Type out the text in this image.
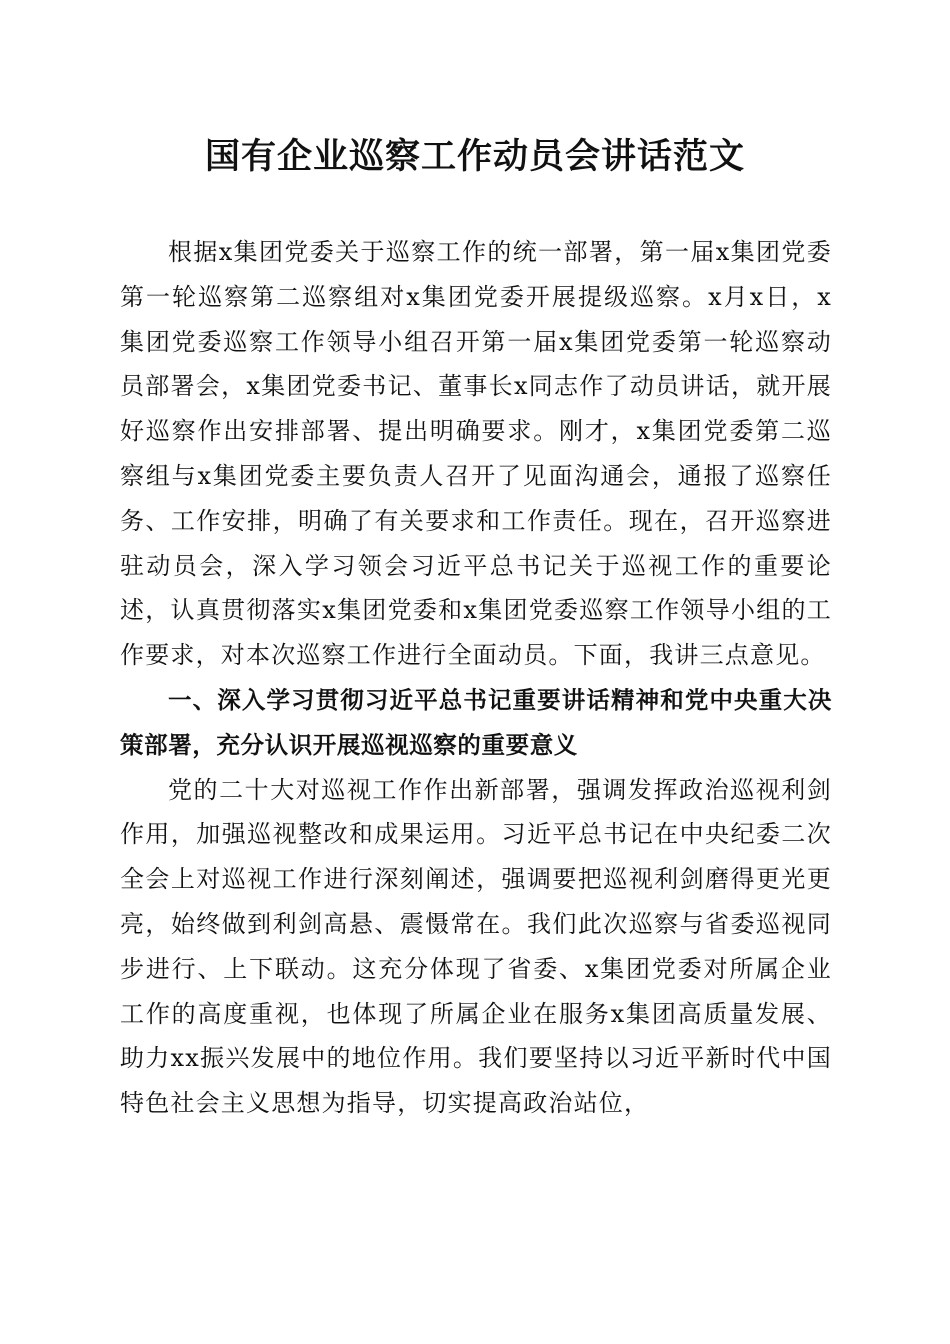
国有企业巡察工作动员会讲话范文

根据x集团党委关于巡察工作的统一部署，第一届x集团党委第一轮巡察第二巡察组对x集团党委开展提级巡察。x月x日，x集团党委巡察工作领导小组召开第一届x集团党委第一轮巡察动员部署会，x集团党委书记、董事长x同志作了动员讲话，就开展好巡察作出安排部署、提出明确要求。刚才，x集团党委第二巡察组与x集团党委主要负责人召开了见面沟通会，通报了巡察任务、工作安排，明确了有关要求和工作责任。现在，召开巡察进驻动员会，深入学习领会习近平总书记关于巡视工作的重要论述，认真贯彻落实x集团党委和x集团党委巡察工作领导小组的工作要求，对本次巡察工作进行全面动员。下面，我讲三点意见。

一、深入学习贯彻习近平总书记重要讲话精神和党中央重大决策部署，充分认识开展巡视巡察的重要意义

党的二十大对巡视工作作出新部署，强调发挥政治巡视利剑作用，加强巡视整改和成果运用。习近平总书记在中央纪委二次全会上对巡视工作进行深刻阐述，强调要把巡视利剑磨得更光更亮，始终做到利剑高悬、震慑常在。我们此次巡察与省委巡视同步进行、上下联动。这充分体现了省委、x集团党委对所属企业工作的高度重视，也体现了所属企业在服务x集团高质量发展、助力xx振兴发展中的地位作用。我们要坚持以习近平新时代中国特色社会主义思想为指导，切实提高政治站位，
